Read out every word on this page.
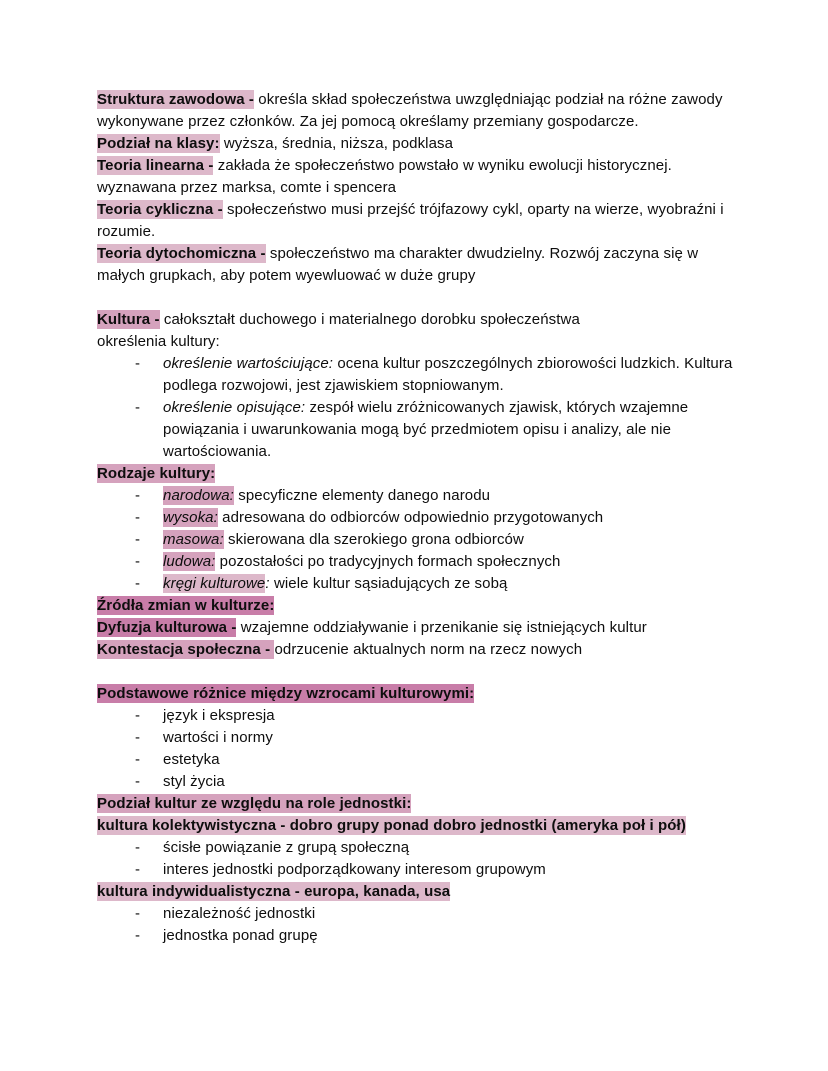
Struktura zawodowa - określa skład społeczeństwa uwzględniając podział na różne zawody wykonywane przez członków. Za jej pomocą określamy przemiany gospodarcze.
Podział na klasy: wyższa, średnia, niższa, podklasa
Teoria linearna - zakłada że społeczeństwo powstało w wyniku ewolucji historycznej. wyznawana przez marksa, comte i spencera
Teoria cykliczna - społeczeństwo musi przejść trójfazowy cykl, oparty na wierze, wyobraźni i rozumie.
Teoria dytochomiczna - społeczeństwo ma charakter dwudzielny. Rozwój zaczyna się w małych grupkach, aby potem wyewluować w duże grupy
Kultura - całokształt duchowego i materialnego dorobku społeczeństwa
określenia kultury:
-	określenie wartościujące: ocena kultur poszczególnych zbiorowości ludzkich. Kultura podlega rozwojowi, jest zjawiskiem stopniowanym.
-	określenie opisujące: zespół wielu zróżnicowanych zjawisk, których wzajemne powiązania i uwarunkowania mogą być przedmiotem opisu i analizy, ale nie wartościowania.
Rodzaje kultury:
-	narodowa: specyficzne elementy danego narodu
-	wysoka: adresowana do odbiorców odpowiednio przygotowanych
-	masowa: skierowana dla szerokiego grona odbiorców
-	ludowa: pozostałości po tradycyjnych formach społecznych
-	kręgi kulturowe: wiele kultur sąsiadujących ze sobą
Źródła zmian w kulturze:
Dyfuzja kulturowa - wzajemne oddziaływanie i przenikanie się istniejących kultur
Kontestacja społeczna - odrzucenie aktualnych norm na rzecz nowych
Podstawowe różnice między wzrocami kulturowymi:
-	język i ekspresja
-	wartości i normy
-	estetyka
-	styl życia
Podział kultur ze względu na role jednostki:
kultura kolektywistyczna - dobro grupy ponad dobro jednostki (ameryka poł i pół)
-	ścisłe powiązanie z grupą społeczną
-	interes jednostki podporządkowany interesom grupowym
kultura indywidualistyczna - europa, kanada, usa
-	niezależność jednostki
-	jednostka ponad grupę
